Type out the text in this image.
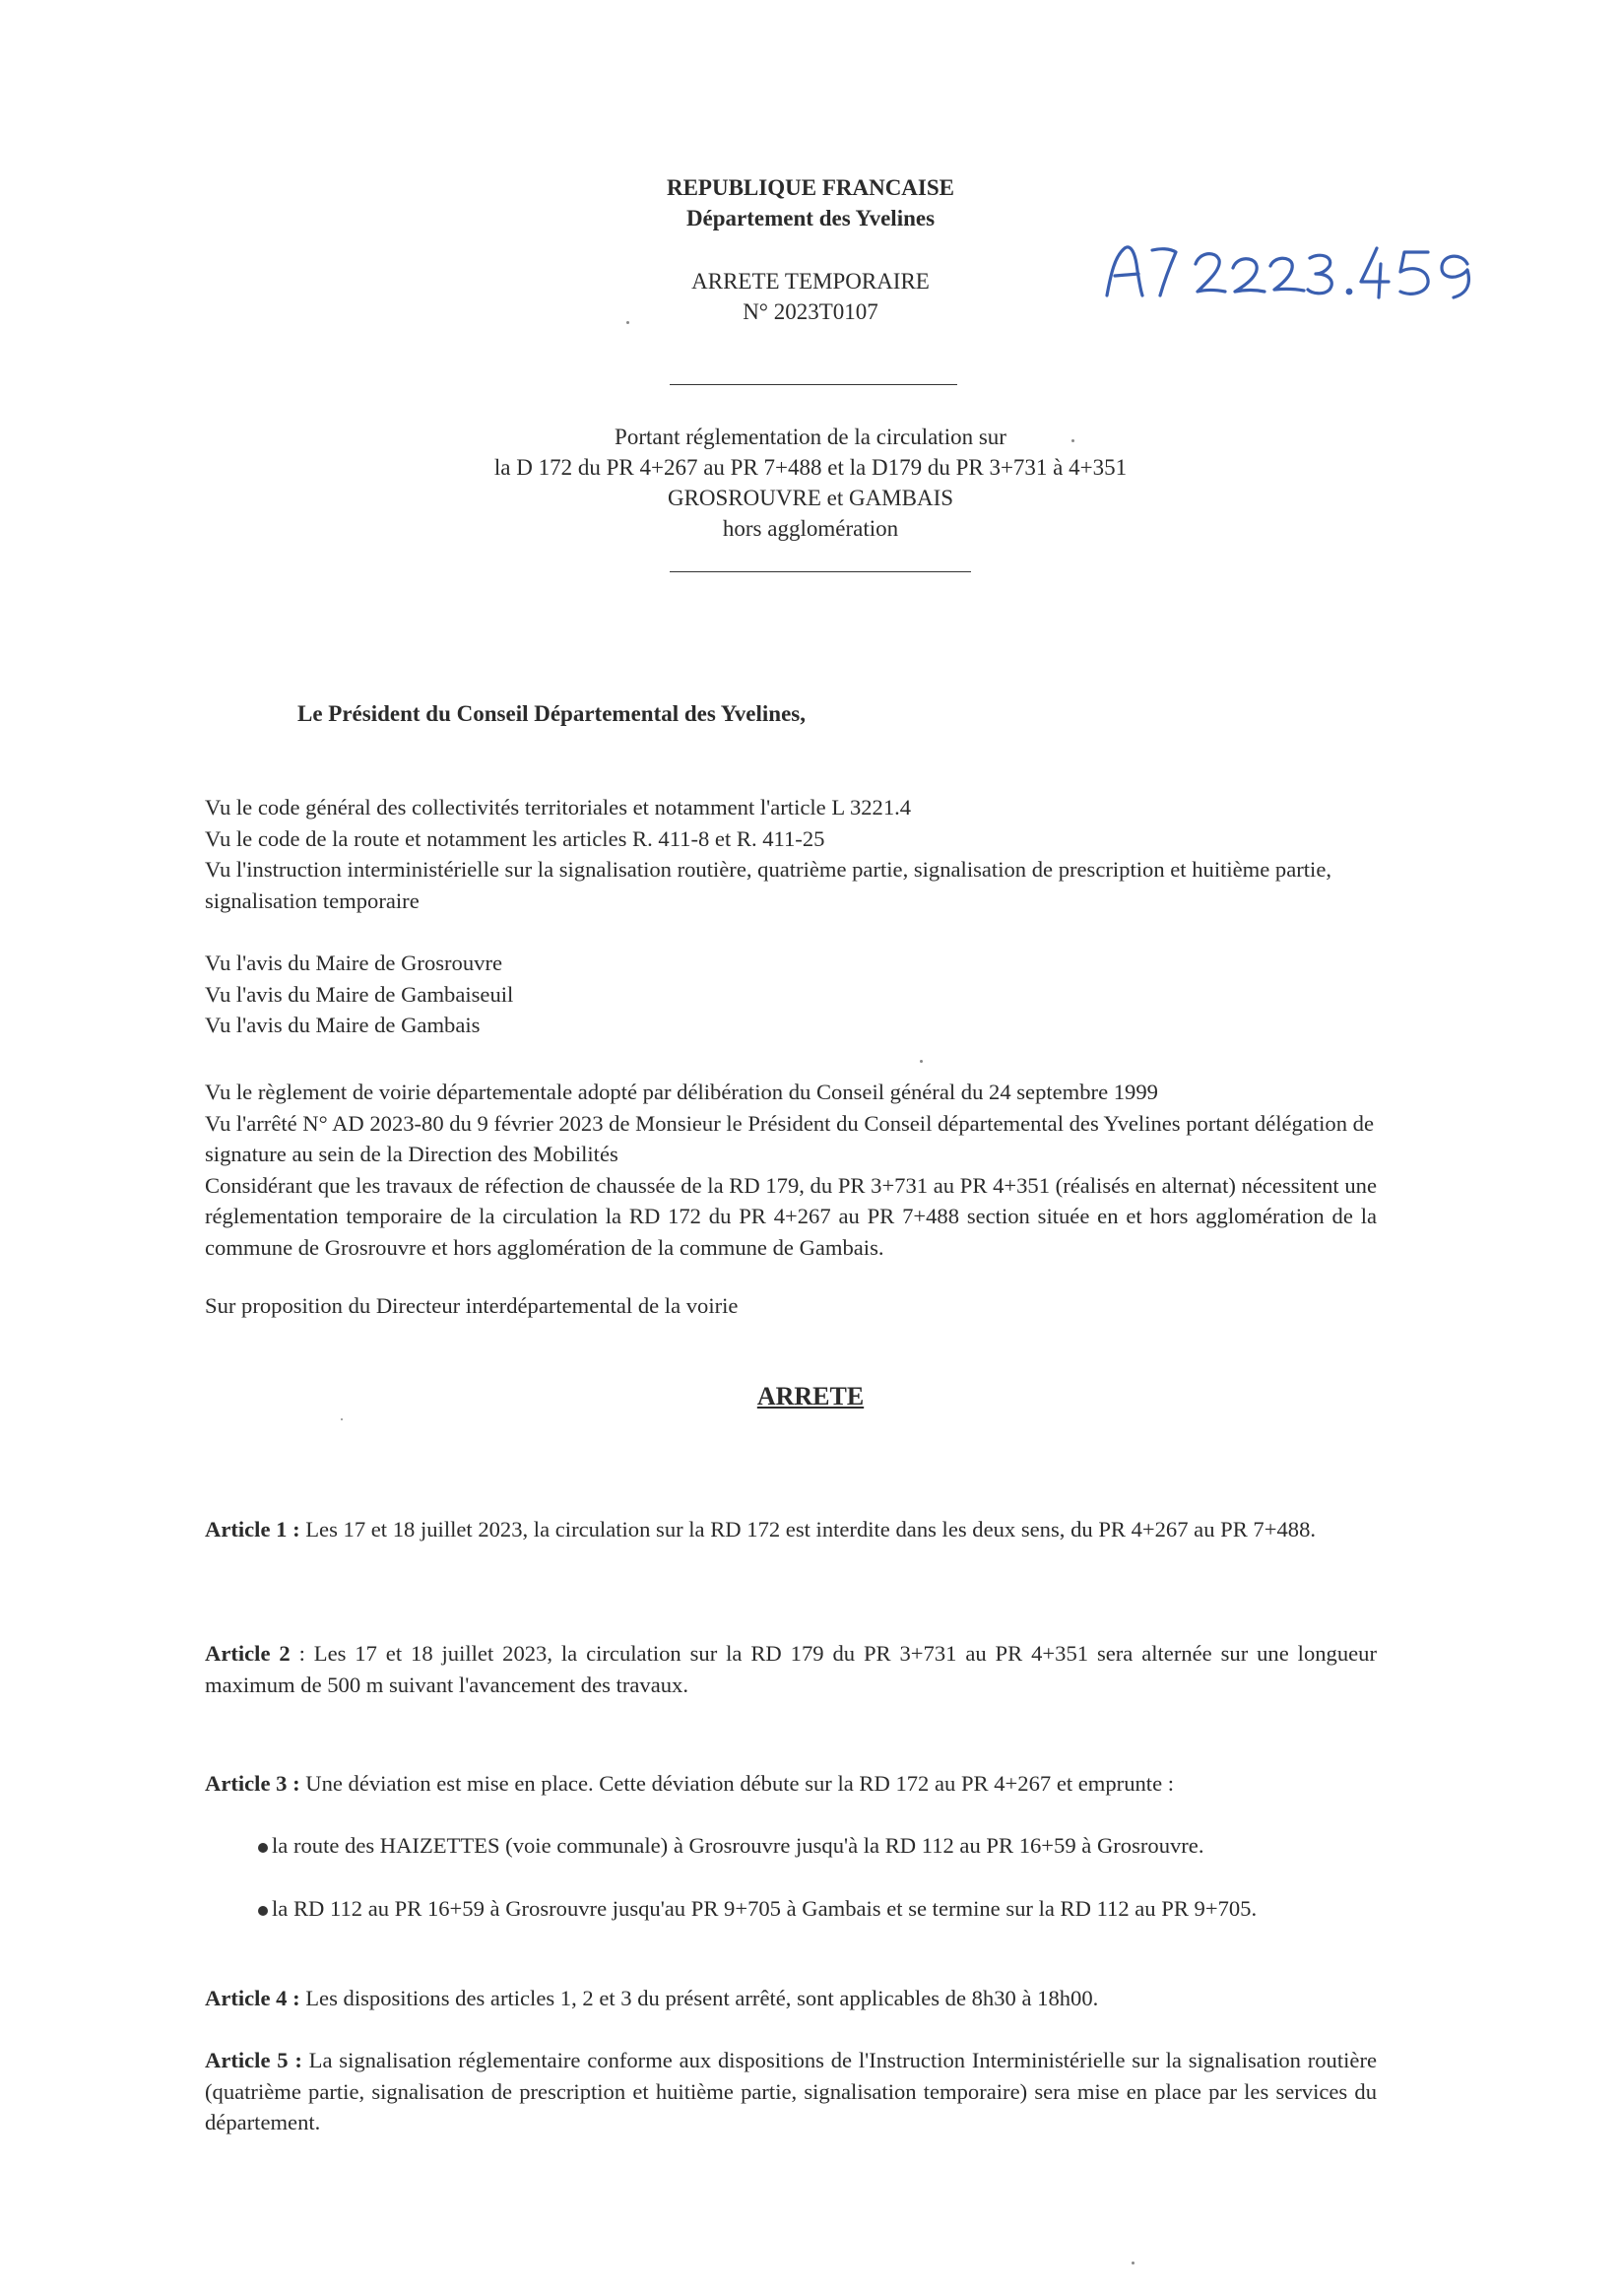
REPUBLIQUE FRANCAISE
Département des Yvelines
ARRETE TEMPORAIRE
N° 2023T0107
Portant réglementation de la circulation sur
la D 172 du PR 4+267 au PR 7+488 et la D179 du PR 3+731 à 4+351
GROSROUVRE et GAMBAIS
hors agglomération
Le Président du Conseil Départemental des Yvelines,
Vu le code général des collectivités territoriales et notamment l'article L 3221.4
Vu le code de la route et notamment les articles R. 411-8 et R. 411-25
Vu l'instruction interministérielle sur la signalisation routière, quatrième partie, signalisation de prescription et huitième partie, signalisation temporaire
Vu l'avis du Maire de Grosrouvre
Vu l'avis du Maire de Gambaiseuil
Vu l'avis du Maire de Gambais
Vu le règlement de voirie départementale adopté par délibération du Conseil général du 24 septembre 1999
Vu l'arrêté N° AD 2023-80 du 9 février 2023 de Monsieur le Président du Conseil départemental des Yvelines portant délégation de signature au sein de la Direction des Mobilités
Considérant que les travaux de réfection de chaussée de la RD 179, du PR 3+731 au PR 4+351 (réalisés en alternat) nécessitent une réglementation temporaire de la circulation la RD 172 du PR 4+267 au PR 7+488 section située en et hors agglomération de la commune de Grosrouvre et hors agglomération de la commune de Gambais.
Sur proposition du Directeur interdépartemental de la voirie
ARRETE
Article 1 : Les 17 et 18 juillet 2023, la circulation sur la RD 172 est interdite dans les deux sens, du PR 4+267 au PR 7+488.
Article 2 : Les 17 et 18 juillet 2023, la circulation sur la RD 179 du PR 3+731 au PR 4+351 sera alternée sur une longueur maximum de 500 m suivant l'avancement des travaux.
Article 3 : Une déviation est mise en place. Cette déviation débute sur la RD 172 au PR 4+267 et emprunte :
la route des HAIZETTES (voie communale) à Grosrouvre jusqu'à la RD 112 au PR 16+59 à Grosrouvre.
la RD 112 au PR 16+59 à Grosrouvre jusqu'au PR 9+705 à Gambais et se termine sur la RD 112 au PR 9+705.
Article 4 : Les dispositions des articles 1, 2 et 3 du présent arrêté, sont applicables de 8h30 à 18h00.
Article 5 : La signalisation réglementaire conforme aux dispositions de l'Instruction Interministérielle sur la signalisation routière (quatrième partie, signalisation de prescription et huitième partie, signalisation temporaire) sera mise en place par les services du département.
